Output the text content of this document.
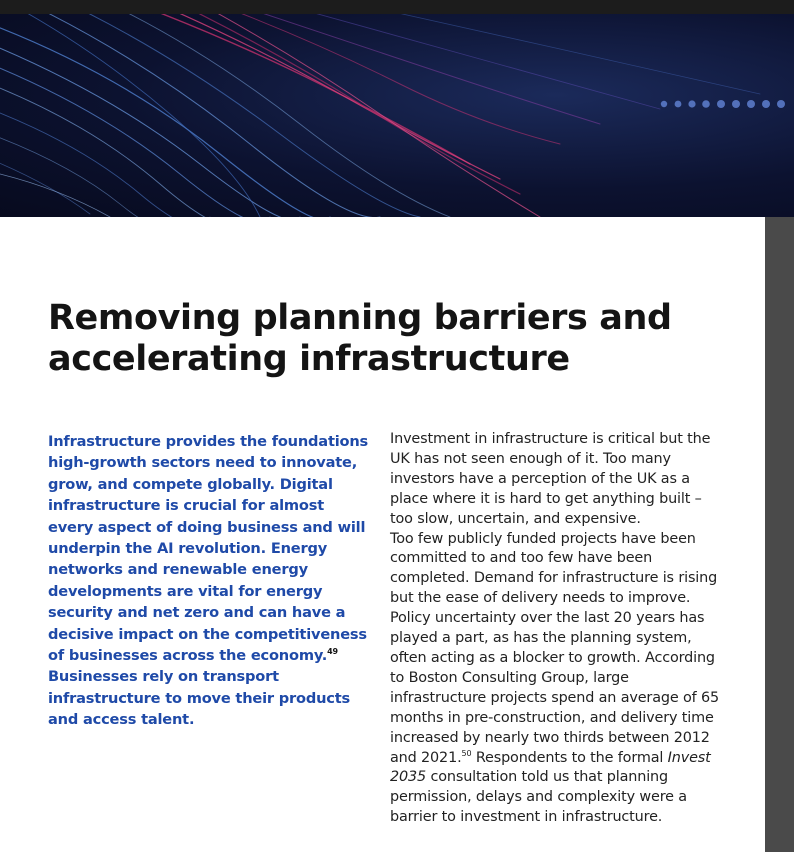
Removing planning barriers and accelerating infrastructure

Infrastructure provides the foundations high-growth sectors need to innovate, grow, and compete globally. Digital infrastructure is crucial for almost every aspect of doing business and will underpin the AI revolution. Energy networks and renewable energy developments are vital for energy security and net zero and can have a decisive impact on the competitiveness of businesses across the economy.$^{49}$ Businesses rely on transport infrastructure to move their products and access talent.

Investment in infrastructure is critical but the UK has not seen enough of it. Too many investors have a perception of the UK as a place where it is hard to get anything built – too slow, uncertain, and expensive.

Too few publicly funded projects have been committed to and too few have been completed. Demand for infrastructure is rising but the ease of delivery needs to improve. Policy uncertainty over the last 20 years has played a part, as has the planning system, often acting as a blocker to growth. According to Boston Consulting Group, large infrastructure projects spend an average of 65 months in pre-construction, and delivery time increased by nearly two thirds between 2012 and 2021.50 Respondents to the formal Invest 2035 consultation told us that planning permission, delays and complexity were a barrier to investment in infrastructure.
